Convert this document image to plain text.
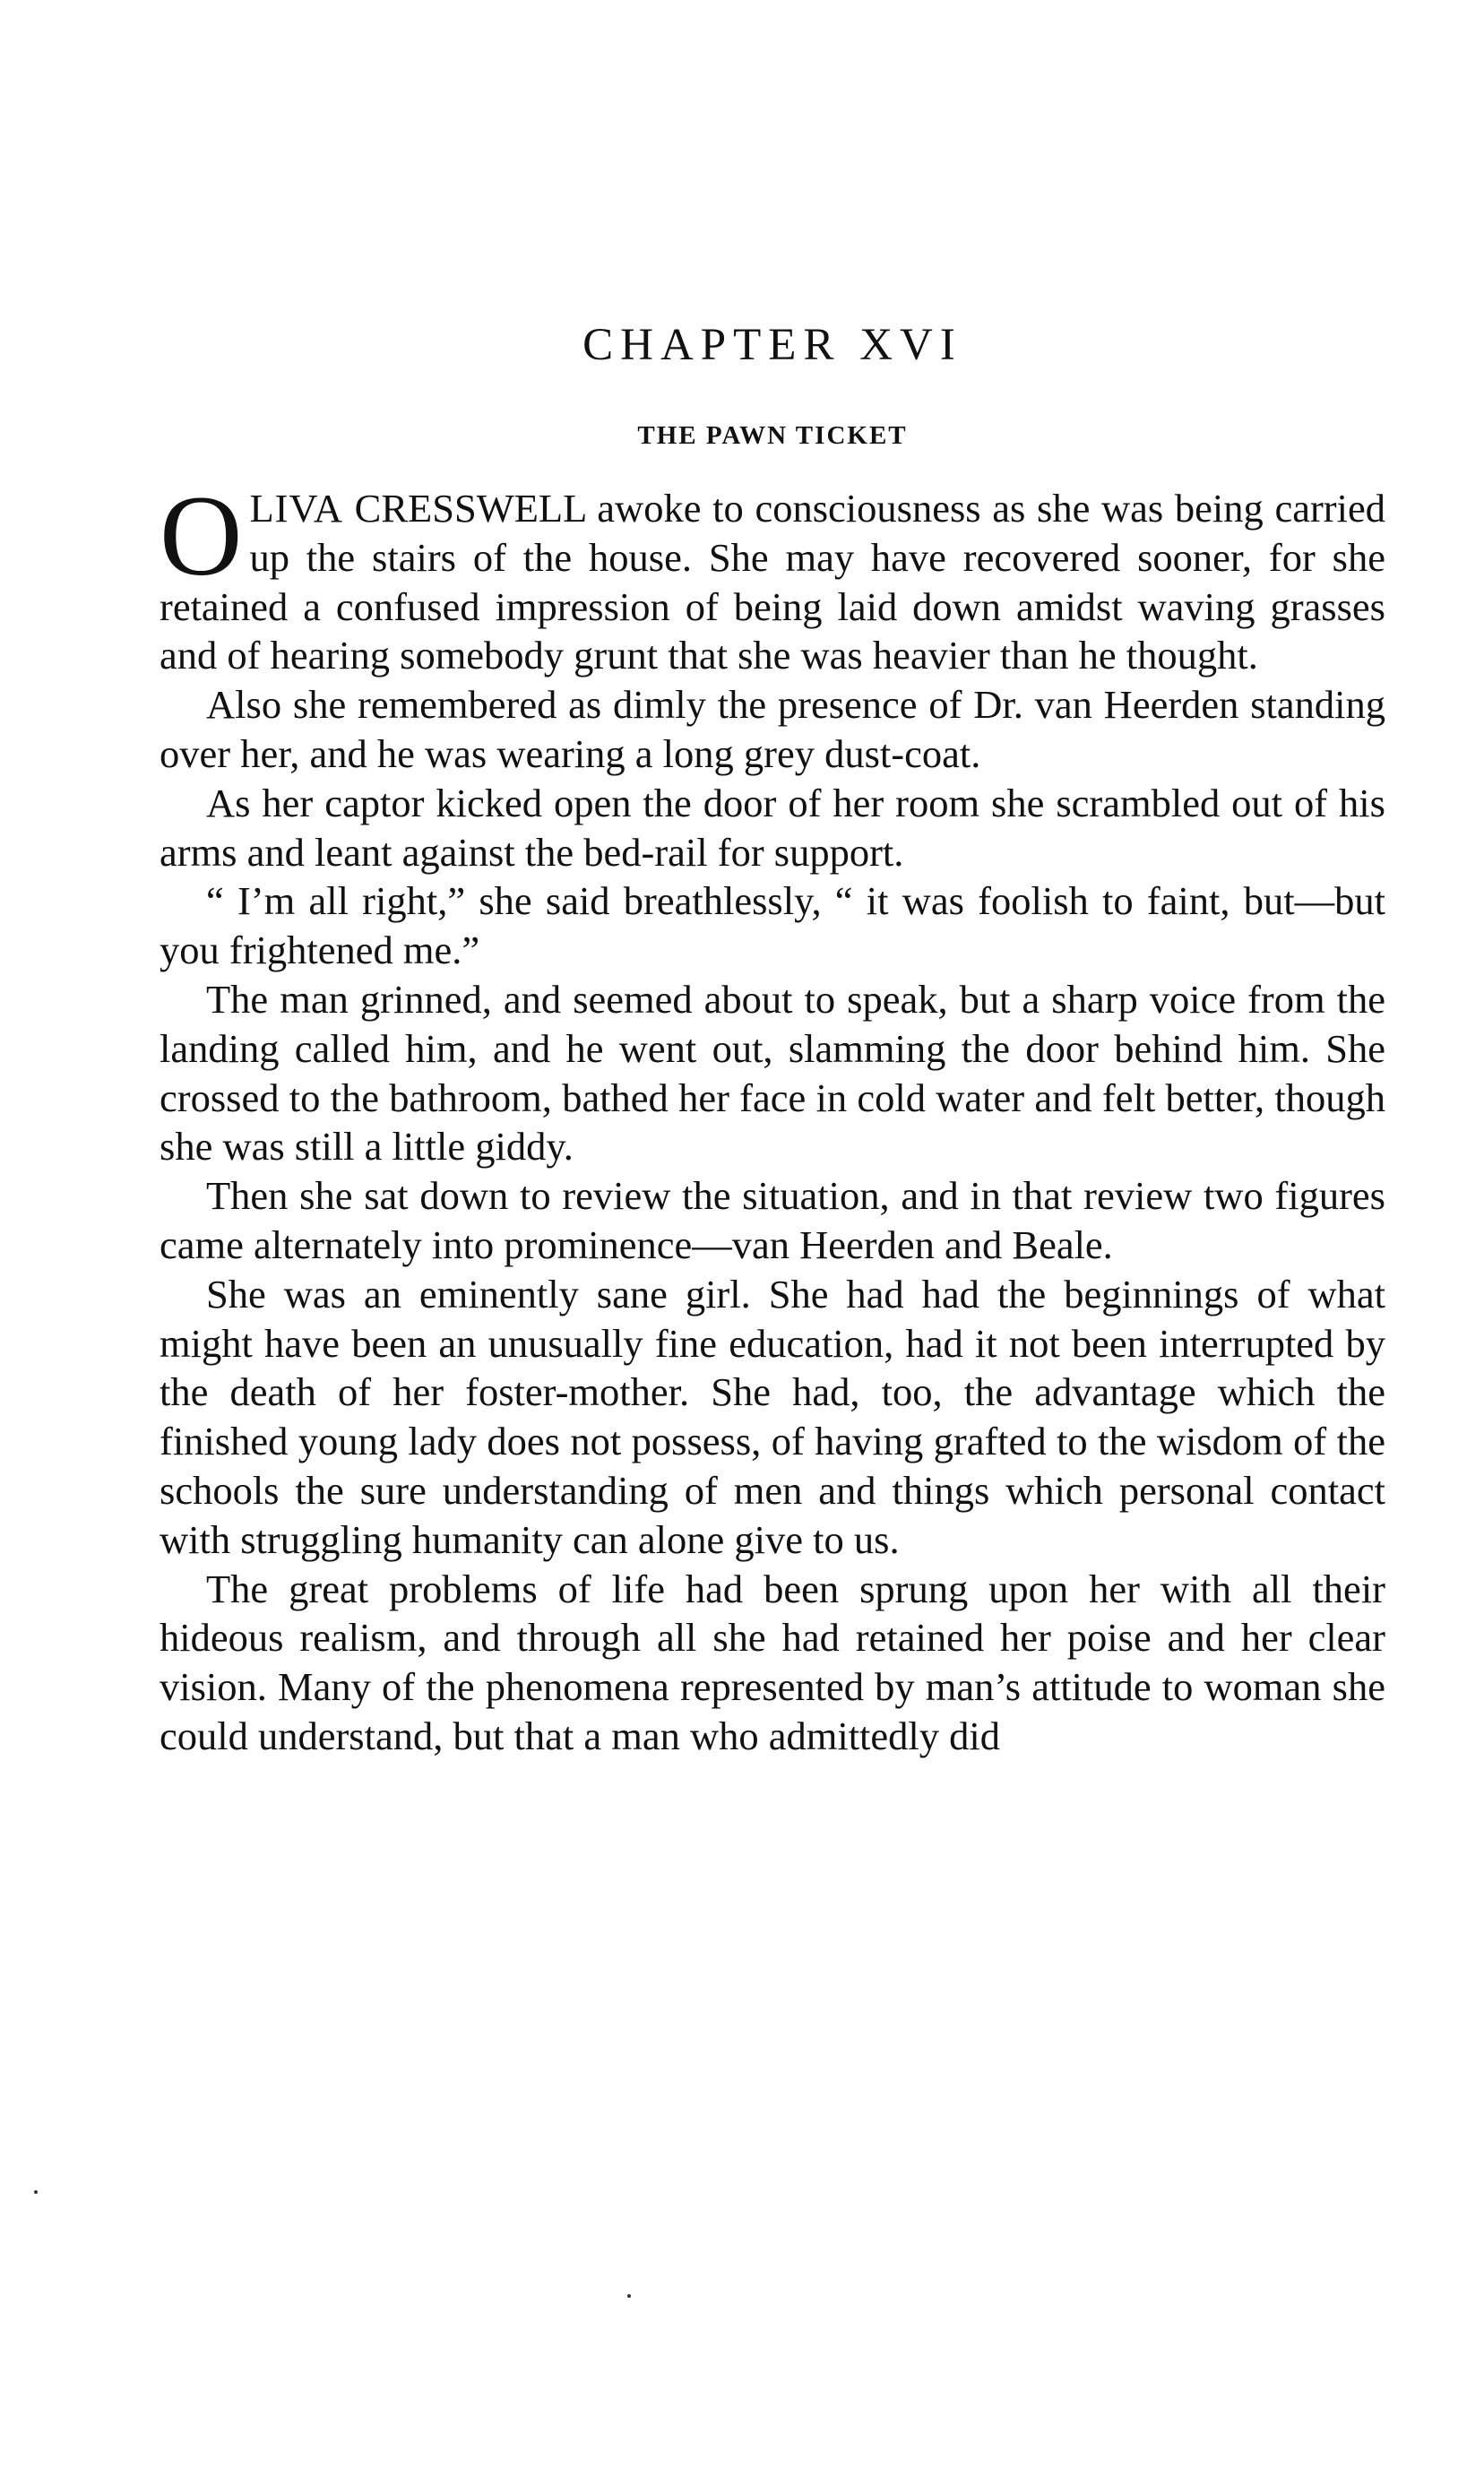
CHAPTER XVI
THE PAWN TICKET

OLIVA CRESSWELL awoke to consciousness as she was being carried up the stairs of the house. She may have recovered sooner, for she retained a confused impression of being laid down amidst waving grasses and of hearing somebody grunt that she was heavier than he thought.

Also she remembered as dimly the presence of Dr. van Heerden standing over her, and he was wearing a long grey dust-coat.

As her captor kicked open the door of her room she scrambled out of his arms and leant against the bed-rail for support.

“ I’m all right,” she said breathlessly, “ it was foolish to faint, but—but you frightened me.”

The man grinned, and seemed about to speak, but a sharp voice from the landing called him, and he went out, slamming the door behind him. She crossed to the bathroom, bathed her face in cold water and felt better, though she was still a little giddy.

Then she sat down to review the situation, and in that review two figures came alternately into prominence—van Heerden and Beale.

She was an eminently sane girl. She had had the beginnings of what might have been an unusually fine education, had it not been interrupted by the death of her foster-mother. She had, too, the advantage which the finished young lady does not possess, of having grafted to the wisdom of the schools the sure understanding of men and things which personal contact with struggling humanity can alone give to us.

The great problems of life had been sprung upon her with all their hideous realism, and through all she had retained her poise and her clear vision. Many of the phenomena represented by man’s attitude to woman she could understand, but that a man who admittedly did
